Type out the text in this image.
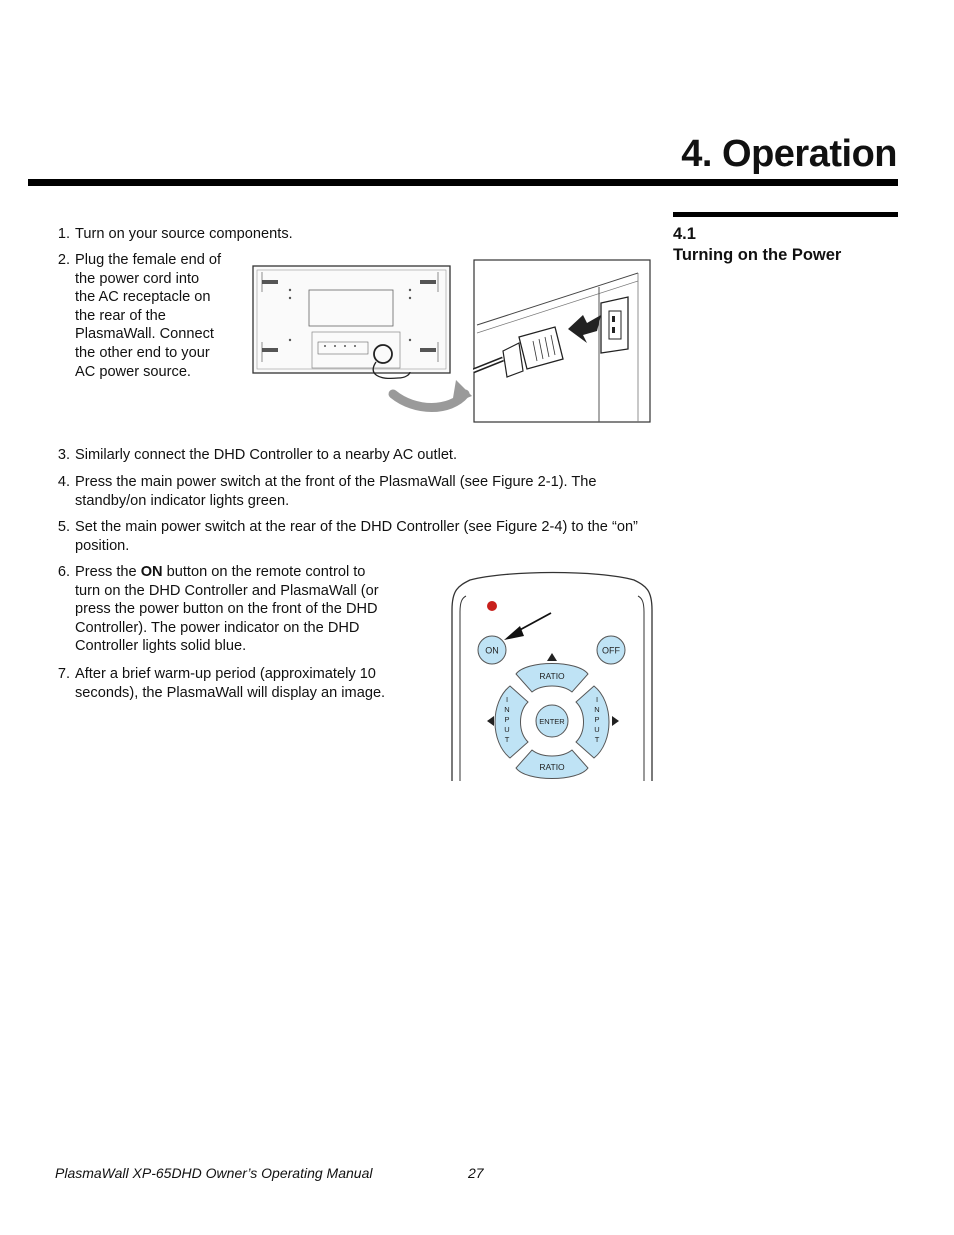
4. Operation
4.1
Turning on the Power
1. Turn on your source components.
2. Plug the female end of
the power cord into
the AC receptacle on
the rear of the
PlasmaWall. Connect
the other end to your
AC power source.
3. Similarly connect the DHD Controller to a nearby AC outlet.
4. Press the main power switch at the front of the PlasmaWall (see Figure 2-1). The
standby/on indicator lights green.
5. Set the main power switch at the rear of the DHD Controller (see Figure 2-4) to the “on”
position.
6. Press the ON button on the remote control to
turn on the DHD Controller and PlasmaWall (or
press the power button on the front of the DHD
Controller). The power indicator on the DHD
Controller lights solid blue.
7. After a brief warm-up period (approximately 10
seconds), the PlasmaWall will display an image.
ON	OFF
RATIO
RATIO
ENTER
I
N
P
U
T
I
N
P
U
T
PlasmaWall XP-65DHD Owner’s Operating Manual	27
